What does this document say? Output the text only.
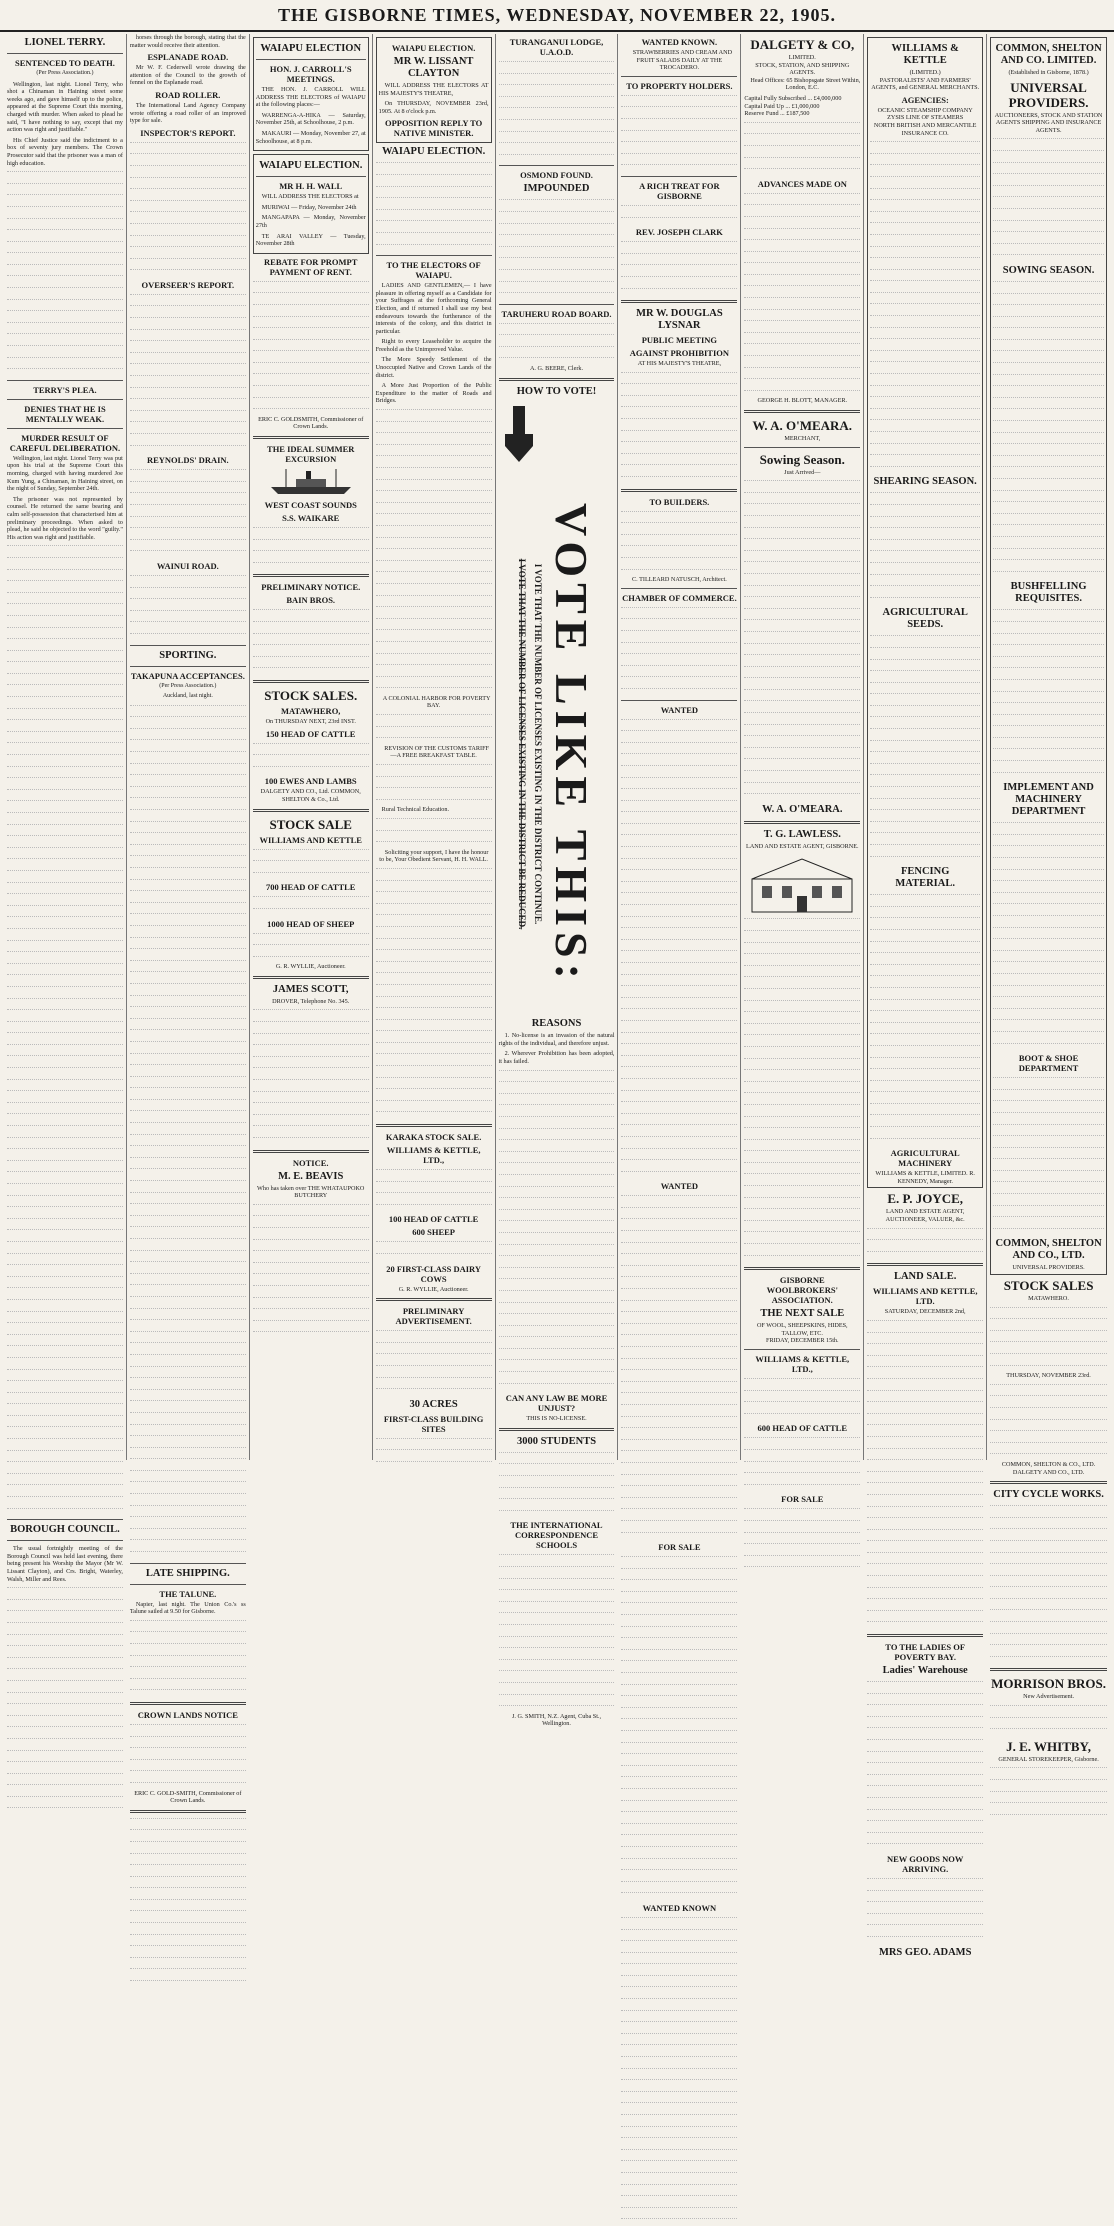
THE GISBORNE TIMES, WEDNESDAY, NOVEMBER 22, 1905.
LIONEL TERRY.
SENTENCED TO DEATH.
(Per Press Association.)

Wellington, last night. Lionel Terry, who shot a Chinaman in Haining street some weeks ago, and gave himself up to the police, appeared at the Supreme Court this morning, charged with murder. When asked to plead he said, "I have nothing to say, except that my action was right and justifiable."

His Chief Justice said the indictment to a box of seventy jury members. The Crown Prosecutor said that the prisoner was a man of high education.

TERRY'S PLEA.
DENIES THAT HE IS MENTALLY WEAK.
MURDER RESULT OF CAREFUL DELIBERATION.

Wellington, last night. Lionel Terry was put upon his trial at the Supreme Court this morning, charged with having murdered Joe Kum Yung, a Chinaman, in Haining street, on the night of Sunday, September 24th.

The prisoner was not represented by counsel. He returned the same bearing and calm self-possession that characterised him at preliminary proceedings. When asked to plead, he said he objected to the word "guilty." His action was right and justifiable.

BOROUGH COUNCIL.

The usual fortnightly meeting of the Borough Council was held last evening, there being present his Worship the Mayor (Mr W. Lissant Clayton), and Crs. Bright, Waterley, Walsh, Miller and Rees.

horses through the borough, stating that the matter would receive their attention.

ESPLANADE ROAD.

Mr W. F. Cederwell wrote drawing the attention of the Council to the growth of fennel on the Esplanade road.

ROAD ROLLER.

The International Land Agency Company wrote offering a road roller of an improved type for sale.

INSPECTOR'S REPORT.
OVERSEER'S REPORT.
REYNOLDS' DRAIN.
WAINUI ROAD.
SPORTING.
TAKAPUNA ACCEPTANCES.
(Per Press Association.)
Auckland, last night.
LATE SHIPPING.
THE TALUNE.

Napier, last night. The Union Co.'s ss Talune sailed at 9.50 for Gisborne.

CROWN LANDS NOTICE
ERIC C. GOLD-SMITH, Commissioner of Crown Lands.
WAIAPU ELECTION
HON. J. CARROLL'S MEETINGS.

THE HON. J. CARROLL WILL ADDRESS THE ELECTORS of WAIAPU at the following places:—

WARRENGA-A-HIKA — Saturday, November 25th, at Schoolhouse, 2 p.m.

MAKAURI — Monday, November 27, at Schoolhouse, at 8 p.m.

WAIAPU ELECTION.
MR H. H. WALL

WILL ADDRESS THE ELECTORS at

MURIWAI — Friday, November 24th

MANGAPAPA — Monday, November 27th

TE ARAI VALLEY — Tuesday, November 28th

REBATE FOR PROMPT PAYMENT OF RENT.
ERIC C. GOLDSMITH, Commissioner of Crown Lands.
THE IDEAL SUMMER EXCURSION
WEST COAST SOUNDS
S.S. WAIKARE
PRELIMINARY NOTICE.
BAIN BROS.
STOCK SALES.
MATAWHERO,
On THURSDAY NEXT, 23rd INST.
150 HEAD OF CATTLE
100 EWES AND LAMBS
DALGETY AND CO., Ltd. COMMON, SHELTON & Co., Ltd.
STOCK SALE
WILLIAMS AND KETTLE
700 HEAD OF CATTLE
1000 HEAD OF SHEEP
G. R. WYLLIE, Auctioneer.
JAMES SCOTT,
DROVER, Telephone No. 345.
NOTICE.
M. E. BEAVIS
Who has taken over THE WHATAUPOKO BUTCHERY
WAIAPU ELECTION.
MR W. LISSANT CLAYTON

WILL ADDRESS THE ELECTORS AT HIS MAJESTY'S THEATRE,

On THURSDAY, NOVEMBER 23rd, 1905. At 8 o'clock p.m.

OPPOSITION REPLY TO NATIVE MINISTER.
WAIAPU ELECTION.
TO THE ELECTORS OF WAIAPU.

LADIES AND GENTLEMEN,— I have pleasure in offering myself as a Candidate for your Suffrages at the forthcoming General Election, and if returned I shall use my best endeavours towards the furtherance of the interests of the colony, and this district in particular.

Right to every Leaseholder to acquire the Freehold as the Unimproved Value.

The More Speedy Settlement of the Unoccupied Native and Crown Lands of the district.

A More Just Proportion of the Public Expenditure to the matter of Roads and Bridges.

A COLONIAL HARBOR FOR POVERTY BAY.

REVISION OF THE CUSTOMS TARIFF—A FREE BREAKFAST TABLE.

Rural Technical Education.

Soliciting your support, I have the honour to be, Your Obedient Servant, H. H. WALL.

KARAKA STOCK SALE.
WILLIAMS & KETTLE, LTD.,
100 HEAD OF CATTLE
600 SHEEP
20 FIRST-CLASS DAIRY COWS
G. R. WYLLIE, Auctioneer.
PRELIMINARY ADVERTISEMENT.
30 ACRES
FIRST-CLASS BUILDING SITES
TURANGANUI LODGE, U.A.O.D.
OSMOND FOUND.
IMPOUNDED
TARUHERU ROAD BOARD.
A. G. BEERE, Clerk.
HOW TO VOTE!
VOTE LIKE THIS:
I VOTE THAT THE NUMBER OF LICENSES EXISTING IN THE DISTRICT CONTINUE.
I VOTE THAT THE NUMBER OF LICENSES EXISTING IN THE DISTRICT BE REDUCED.
REASONS

1. No-license is an invasion of the natural rights of the individual, and therefore unjust.

2. Wherever Prohibition has been adopted, it has failed.

CAN ANY LAW BE MORE UNJUST?
THIS IS NO-LICENSE.
3000 STUDENTS
THE INTERNATIONAL CORRESPONDENCE SCHOOLS
J. G. SMITH, N.Z. Agent, Cuba St., Wellington.
WANTED KNOWN.

STRAWBERRIES AND CREAM AND FRUIT SALADS DAILY AT THE TROCADERO.

TO PROPERTY HOLDERS.
A RICH TREAT FOR GISBORNE
REV. JOSEPH CLARK
MR W. DOUGLAS LYSNAR
PUBLIC MEETING
AGAINST PROHIBITION
AT HIS MAJESTY'S THEATRE,
TO BUILDERS.
C. TILLEARD NATUSCH, Architect.
CHAMBER OF COMMERCE.
WANTED
WANTED
FOR SALE
WANTED KNOWN
DALGETY & CO,
LIMITED.
STOCK, STATION, AND SHIPPING AGENTS.

Head Offices: 65 Bishopsgate Street Within, London, E.C.

Capital Fully Subscribed ... £4,000,000
Capital Paid Up ... £1,000,000
Reserve Fund ... £187,500
ADVANCES MADE ON
GEORGE H. BLOTT, MANAGER.
W. A. O'MEARA.
MERCHANT,
Sowing Season.
Just Arrived—
W. A. O'MEARA.
T. G. LAWLESS.
LAND AND ESTATE AGENT, GISBORNE.
GISBORNE WOOLBROKERS' ASSOCIATION.
THE NEXT SALE
OF WOOL, SHEEPSKINS, HIDES, TALLOW, ETC.
FRIDAY, DECEMBER 15th.
WILLIAMS & KETTLE, LTD.,
600 HEAD OF CATTLE
FOR SALE
WILLIAMS & KETTLE
(LIMITED.)
PASTORALISTS' AND FARMERS' AGENTS, and GENERAL MERCHANTS.
AGENCIES:
OCEANIC STEAMSHIP COMPANY
ZYSIS LINE OF STEAMERS
NORTH BRITISH AND MERCANTILE INSURANCE CO.
SHEARING SEASON.
AGRICULTURAL SEEDS.
FENCING MATERIAL.
AGRICULTURAL MACHINERY
WILLIAMS & KETTLE, LIMITED. R. KENNEDY, Manager.
E. P. JOYCE,
LAND AND ESTATE AGENT, AUCTIONEER, VALUER, &c.
LAND SALE.
WILLIAMS AND KETTLE, LTD.
SATURDAY, DECEMBER 2nd,
TO THE LADIES OF POVERTY BAY.
Ladies' Warehouse
NEW GOODS NOW ARRIVING.
MRS GEO. ADAMS
COMMON, SHELTON AND CO. LIMITED.
(Established in Gisborne, 1878.)
UNIVERSAL PROVIDERS.
AUCTIONEERS, STOCK AND STATION AGENTS SHIPPING AND INSURANCE AGENTS.
SOWING SEASON.
BUSHFELLING REQUISITES.
IMPLEMENT AND MACHINERY DEPARTMENT
BOOT & SHOE DEPARTMENT
COMMON, SHELTON AND CO., LTD.
UNIVERSAL PROVIDERS.
STOCK SALES
MATAWHERO.
THURSDAY, NOVEMBER 23rd.
COMMON, SHELTON & CO., LTD. DALGETY AND CO., LTD.
CITY CYCLE WORKS.
MORRISON BROS.
New Advertisement.
J. E. WHITBY,
GENERAL STOREKEEPER, Gisborne.
